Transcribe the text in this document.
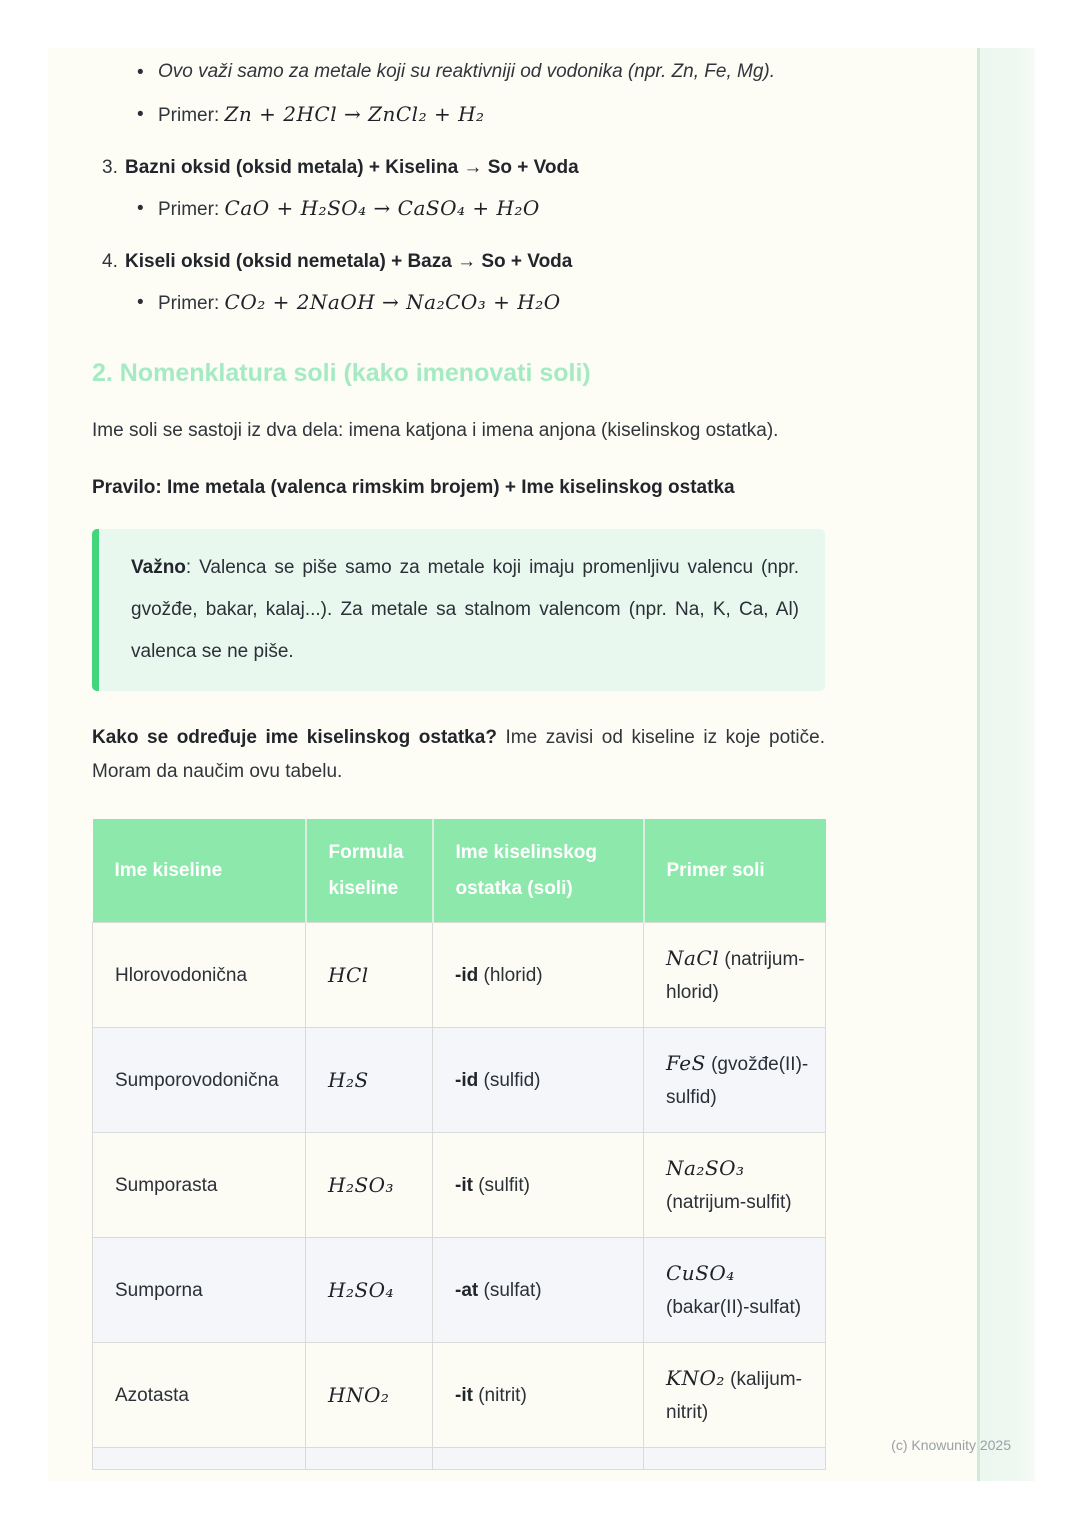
• Ovo važi samo za metale koji su reaktivniji od vodonika (npr. Zn, Fe, Mg).
• Primer: Zn + 2HCl → ZnCl₂ + H₂
3. Bazni oksid (oksid metala) + Kiselina → So + Voda
• Primer: CaO + H₂SO₄ → CaSO₄ + H₂O
4. Kiseli oksid (oksid nemetala) + Baza → So + Voda
• Primer: CO₂ + 2NaOH → Na₂CO₃ + H₂O
2. Nomenklatura soli (kako imenovati soli)

Ime soli se sastoji iz dva dela: imena katjona i imena anjona (kiselinskog ostatka).

Pravilo: Ime metala (valenca rimskim brojem) + Ime kiselinskog ostatka

Važno: Valenca se piše samo za metale koji imaju promenljivu valencu (npr. gvožđe, bakar, kalaj...). Za metale sa stalnom valencom (npr. Na, K, Ca, Al) valenca se ne piše.

Kako se određuje ime kiselinskog ostatka? Ime zavisi od kiseline iz koje potiče. Moram da naučim ovu tabelu.

Ime kiseline	Formula kiseline	Ime kiselinskog ostatka (soli)	Primer soli
Hlorovodonična	HCl	-id (hlorid)	NaCl (natrijum-hlorid)
Sumporovodonična	H₂S	-id (sulfid)	FeS (gvožđe(II)-sulfid)
Sumporasta	H₂SO₃	-it (sulfit)	Na₂SO₃ (natrijum-sulfit)
Sumporna	H₂SO₄	-at (sulfat)	CuSO₄ (bakar(II)-sulfat)
Azotasta	HNO₂	-it (nitrit)	KNO₂ (kalijum-nitrit)

(c) Knowunity 2025
